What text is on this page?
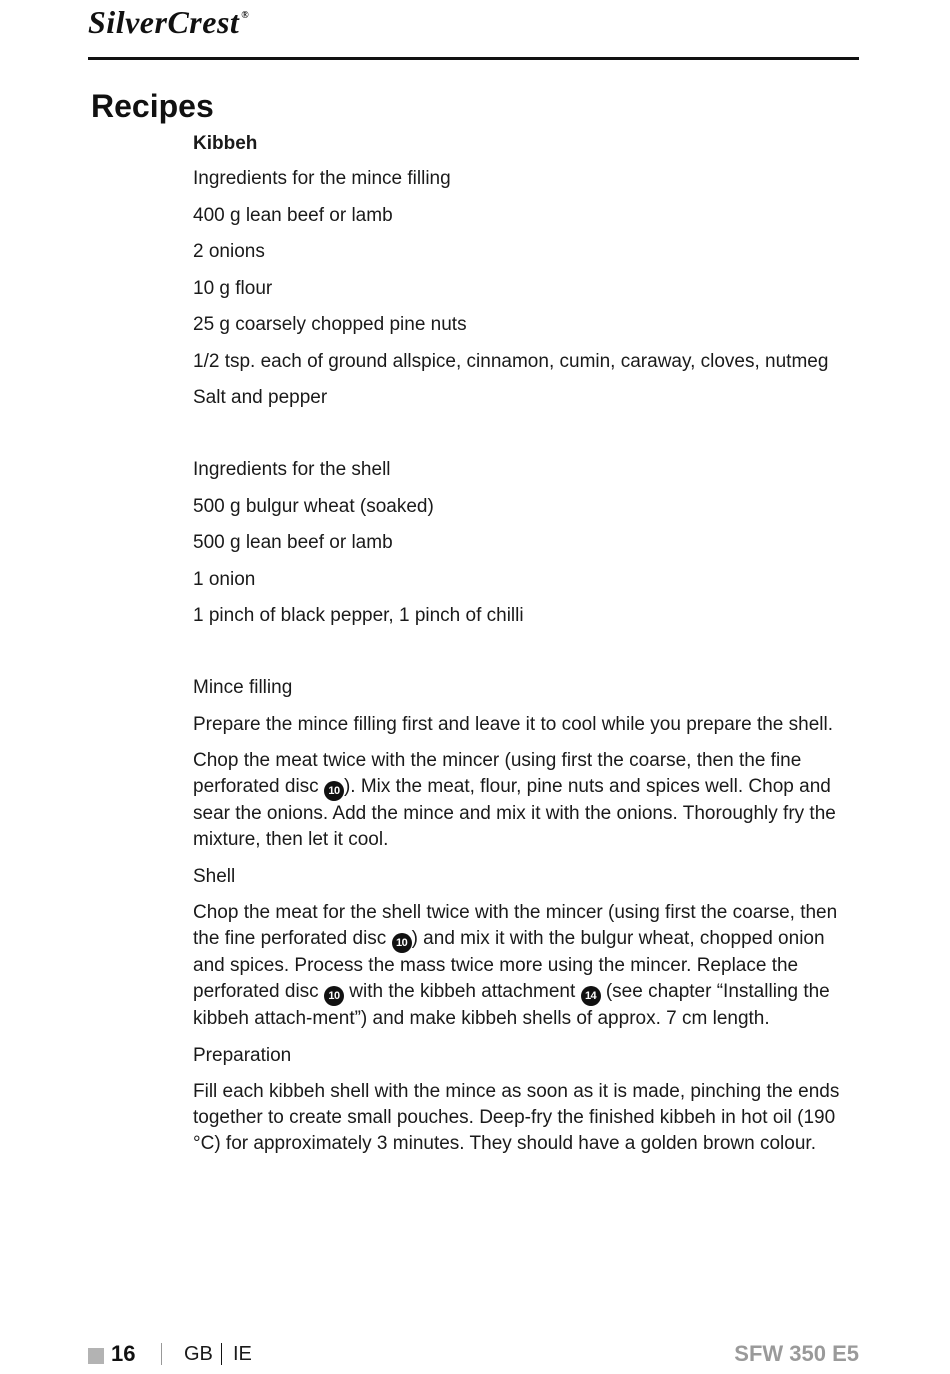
SilverCrest ®
Recipes
Kibbeh
Ingredients for the mince filling
400 g lean beef or lamb
2 onions
10 g flour
25 g coarsely chopped pine nuts
1/2 tsp. each of ground allspice, cinnamon, cumin, caraway, cloves, nutmeg
Salt and pepper
Ingredients for the shell
500 g bulgur wheat (soaked)
500 g lean beef or lamb
1 onion
1 pinch of black pepper, 1 pinch of chilli
Mince filling
Prepare the mince filling first and leave it to cool while you prepare the shell.
Chop the meat twice with the mincer (using first the coarse, then the fine perforated disc 10 ). Mix the meat, flour, pine nuts and spices well. Chop and sear the onions. Add the mince and mix it with the onions. Thoroughly fry the mixture, then let it cool.
Shell
Chop the meat for the shell twice with the mincer (using first the coarse, then the fine perforated disc 10 ) and mix it with the bulgur wheat, chopped onion and spices. Process the mass twice more using the mincer. Replace the perforated disc 10 with the kibbeh attachment 14 (see chapter “Installing the kibbeh attach-ment”) and make kibbeh shells of approx. 7 cm length.
Preparation
Fill each kibbeh shell with the mince as soon as it is made, pinching the ends together to create small pouches. Deep-fry the finished kibbeh in hot oil (190 °C) for approximately 3 minutes. They should have a golden brown colour.
16 GB IE	SFW 350 E5
